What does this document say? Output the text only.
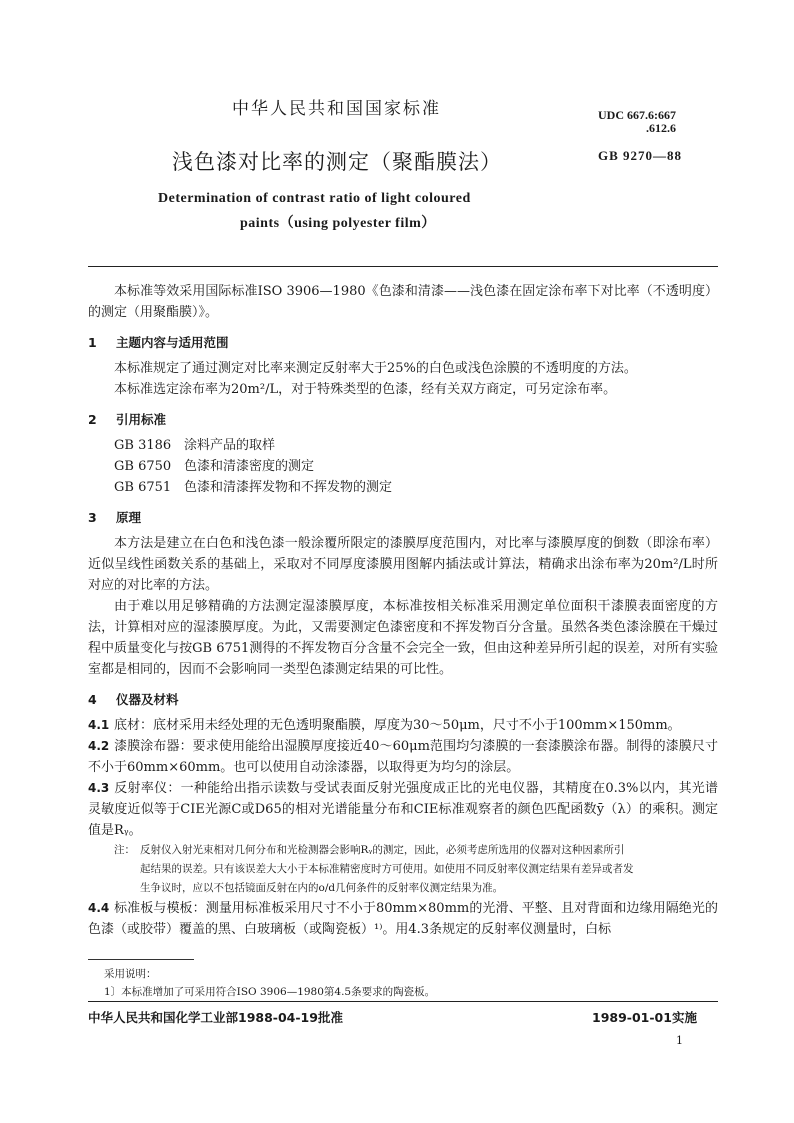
中华人民共和国国家标准	UDC 667.6:667
.612.6
GB 9270—88
浅色漆对比率的测定（聚酯膜法）
Determination of contrast ratio of light coloured
paints（using polyester film）

本标准等效采用国际标准ISO 3906—1980《色漆和清漆——浅色漆在固定涂布率下对比率（不透明度）的测定（用聚酯膜）》。

1 主题内容与适用范围

本标准规定了通过测定对比率来测定反射率大于25%的白色或浅色涂膜的不透明度的方法。

本标准选定涂布率为20m²/L，对于特殊类型的色漆，经有关双方商定，可另定涂布率。

2 引用标准

GB 3186 涂料产品的取样

GB 6750 色漆和清漆密度的测定

GB 6751 色漆和清漆挥发物和不挥发物的测定

3 原理

本方法是建立在白色和浅色漆一般涂覆所限定的漆膜厚度范围内，对比率与漆膜厚度的倒数（即涂布率）近似呈线性函数关系的基础上，采取对不同厚度漆膜用图解内插法或计算法，精确求出涂布率为20m²/L时所对应的对比率的方法。

由于难以用足够精确的方法测定湿漆膜厚度，本标准按相关标准采用测定单位面积干漆膜表面密度的方法，计算相对应的湿漆膜厚度。为此，又需要测定色漆密度和不挥发物百分含量。虽然各类色漆涂膜在干燥过程中质量变化与按GB 6751测得的不挥发物百分含量不会完全一致，但由这种差异所引起的误差，对所有实验室都是相同的，因而不会影响同一类型色漆测定结果的可比性。

4 仪器及材料

4.1 底材：底材采用未经处理的无色透明聚酯膜，厚度为30～50μm，尺寸不小于100mm×150mm。

4.2 漆膜涂布器：要求使用能给出湿膜厚度接近40～60μm范围均匀漆膜的一套漆膜涂布器。制得的漆膜尺寸不小于60mm×60mm。也可以使用自动涂漆器，以取得更为均匀的涂层。

4.3 反射率仪：一种能给出指示读数与受试表面反射光强度成正比的光电仪器，其精度在0.3%以内，其光谱灵敏度近似等于CIE光源C或D65的相对光谱能量分布和CIE标准观察者的颜色匹配函数ȳ（λ）的乘积。测定值是Rᵧ。

注： 反射仪入射光束相对几何分布和光检测器会影响Rᵧ的测定，因此，必须考虑所选用的仪器对这种因素所引

起结果的误差。只有该误差大大小于本标准精密度时方可使用。如使用不同反射率仪测定结果有差异或者发

生争议时，应以不包括镜面反射在内的o/d几何条件的反射率仪测定结果为准。

4.4 标准板与模板：测量用标准板采用尺寸不小于80mm×80mm的光滑、平整、且对背面和边缘用隔绝光的色漆（或胶带）覆盖的黑、白玻璃板（或陶瓷板）¹⁾。用4.3条规定的反射率仪测量时，白标

采用说明：
1〕本标准增加了可采用符合ISO 3906—1980第4.5条要求的陶瓷板。
中华人民共和国化学工业部1988-04-19批准	1989-01-01实施
1
